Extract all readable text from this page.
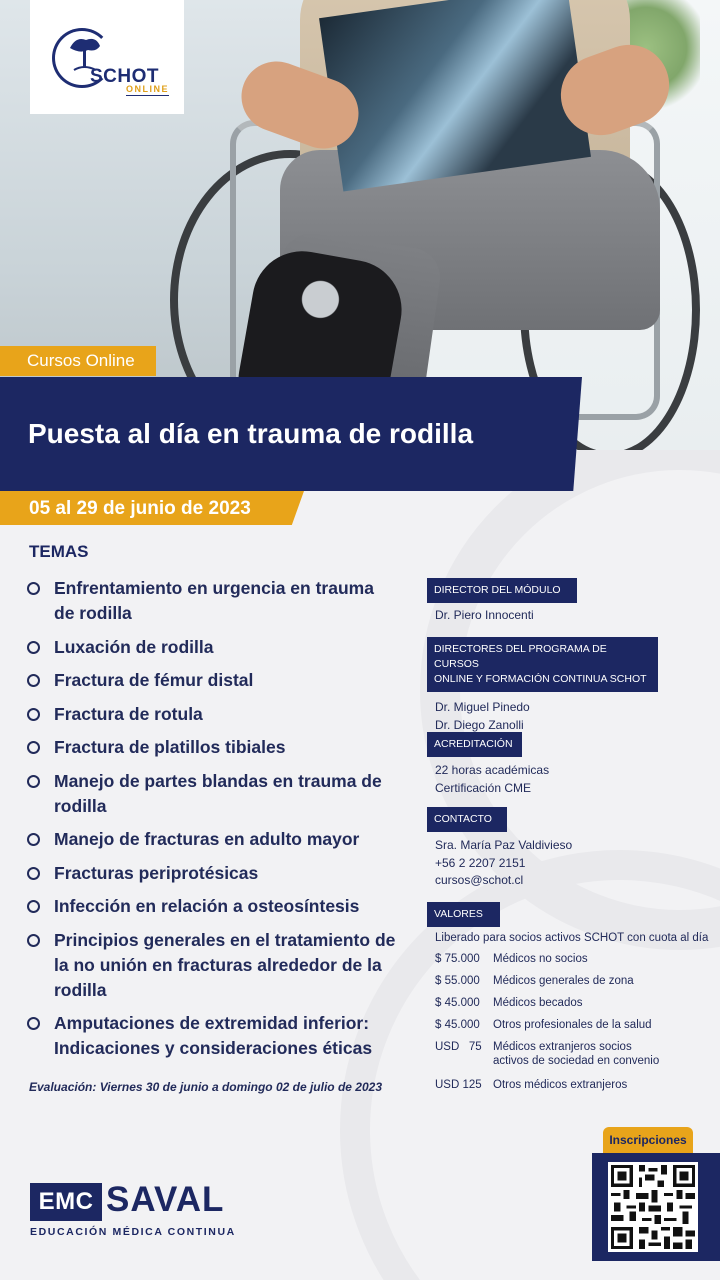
SCHOT
ONLINE
Cursos Online
Puesta al día en trauma de rodilla
05 al 29 de junio de 2023
TEMAS
Enfrentamiento en urgencia en trauma de rodilla
Luxación de rodilla
Fractura de fémur distal
Fractura de rotula
Fractura de platillos tibiales
Manejo de partes blandas en trauma de rodilla
Manejo de fracturas en adulto mayor
Fracturas periprotésicas
Infección en relación a osteosíntesis
Principios generales en el tratamiento de la no unión en fracturas alrededor de la rodilla
Amputaciones de extremidad inferior: Indicaciones y consideraciones éticas
Evaluación: Viernes 30 de junio a domingo 02 de julio de 2023
DIRECTOR DEL MÓDULO
Dr. Piero Innocenti
DIRECTORES DEL PROGRAMA DE CURSOS
ONLINE Y FORMACIÓN CONTINUA SCHOT
Dr. Miguel Pinedo
Dr. Diego Zanolli
ACREDITACIÓN
22 horas académicas
Certificación CME
CONTACTO
Sra. María Paz Valdivieso
+56 2 2207 2151
cursos@schot.cl
VALORES
Liberado para socios activos SCHOT con cuota al día
$ 75.000	Médicos no socios
$ 55.000	Médicos generales de zona
$ 45.000	Médicos becados
$ 45.000	Otros profesionales de la salud
USD   75 Médicos extranjeros socios activos de sociedad en convenio
USD 125 Otros médicos extranjeros
Inscripciones
EMC SAVAL
EDUCACIÓN MÉDICA CONTINUA
